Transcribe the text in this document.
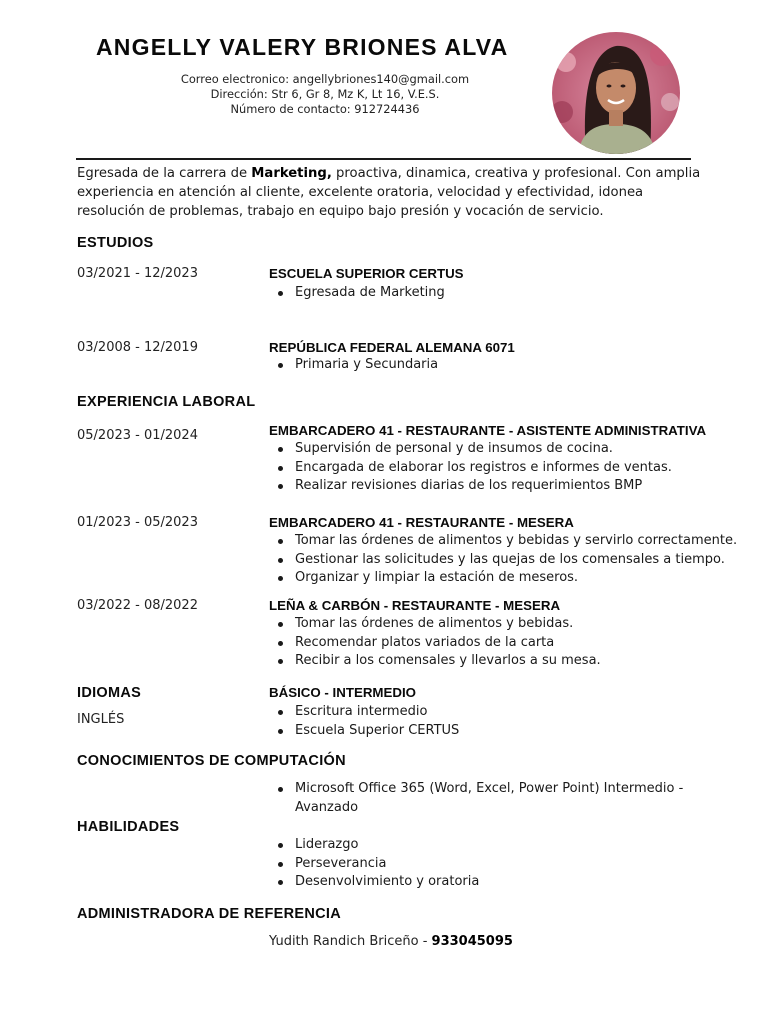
ANGELLY VALERY BRIONES ALVA
Correo electronico: angellybriones140@gmail.com
Dirección: Str 6, Gr 8, Mz K, Lt 16, V.E.S.
Número de contacto: 912724436

Egresada de la carrera de Marketing, proactiva, dinamica, creativa y profesional. Con amplia experiencia en atención al cliente, excelente oratoria, velocidad y efectividad, idonea resolución de problemas, trabajo en equipo bajo presión y vocación de servicio.

ESTUDIOS
03/2021 - 12/2023	ESCUELA SUPERIOR CERTUS
Egresada de Marketing
03/2008 - 12/2019	REPÚBLICA FEDERAL ALEMANA 6071
Primaria y Secundaria
EXPERIENCIA LABORAL
05/2023 - 01/2024	EMBARCADERO 41 - RESTAURANTE - ASISTENTE ADMINISTRATIVA
Supervisión de personal y de insumos de cocina.
Encargada de elaborar los registros e informes de ventas.
Realizar revisiones diarias de los requerimientos BMP
01/2023 - 05/2023	EMBARCADERO 41 - RESTAURANTE - MESERA
Tomar las órdenes de alimentos y bebidas y servirlo correctamente.
Gestionar las solicitudes y las quejas de los comensales a tiempo.
Organizar y limpiar la estación de meseros.
03/2022 - 08/2022	LEÑA & CARBÓN - RESTAURANTE - MESERA
Tomar las órdenes de alimentos y bebidas.
Recomendar platos variados de la carta
Recibir a los comensales y llevarlos a su mesa.
IDIOMAS
INGLÉS
BÁSICO - INTERMEDIO
Escritura intermedio
Escuela Superior CERTUS
CONOCIMIENTOS DE COMPUTACIÓN
Microsoft Office 365 (Word, Excel, Power Point) Intermedio - Avanzado
HABILIDADES
Liderazgo
Perseverancia
Desenvolvimiento y oratoria
ADMINISTRADORA DE REFERENCIA
Yudith Randich Briceño - 933045095
